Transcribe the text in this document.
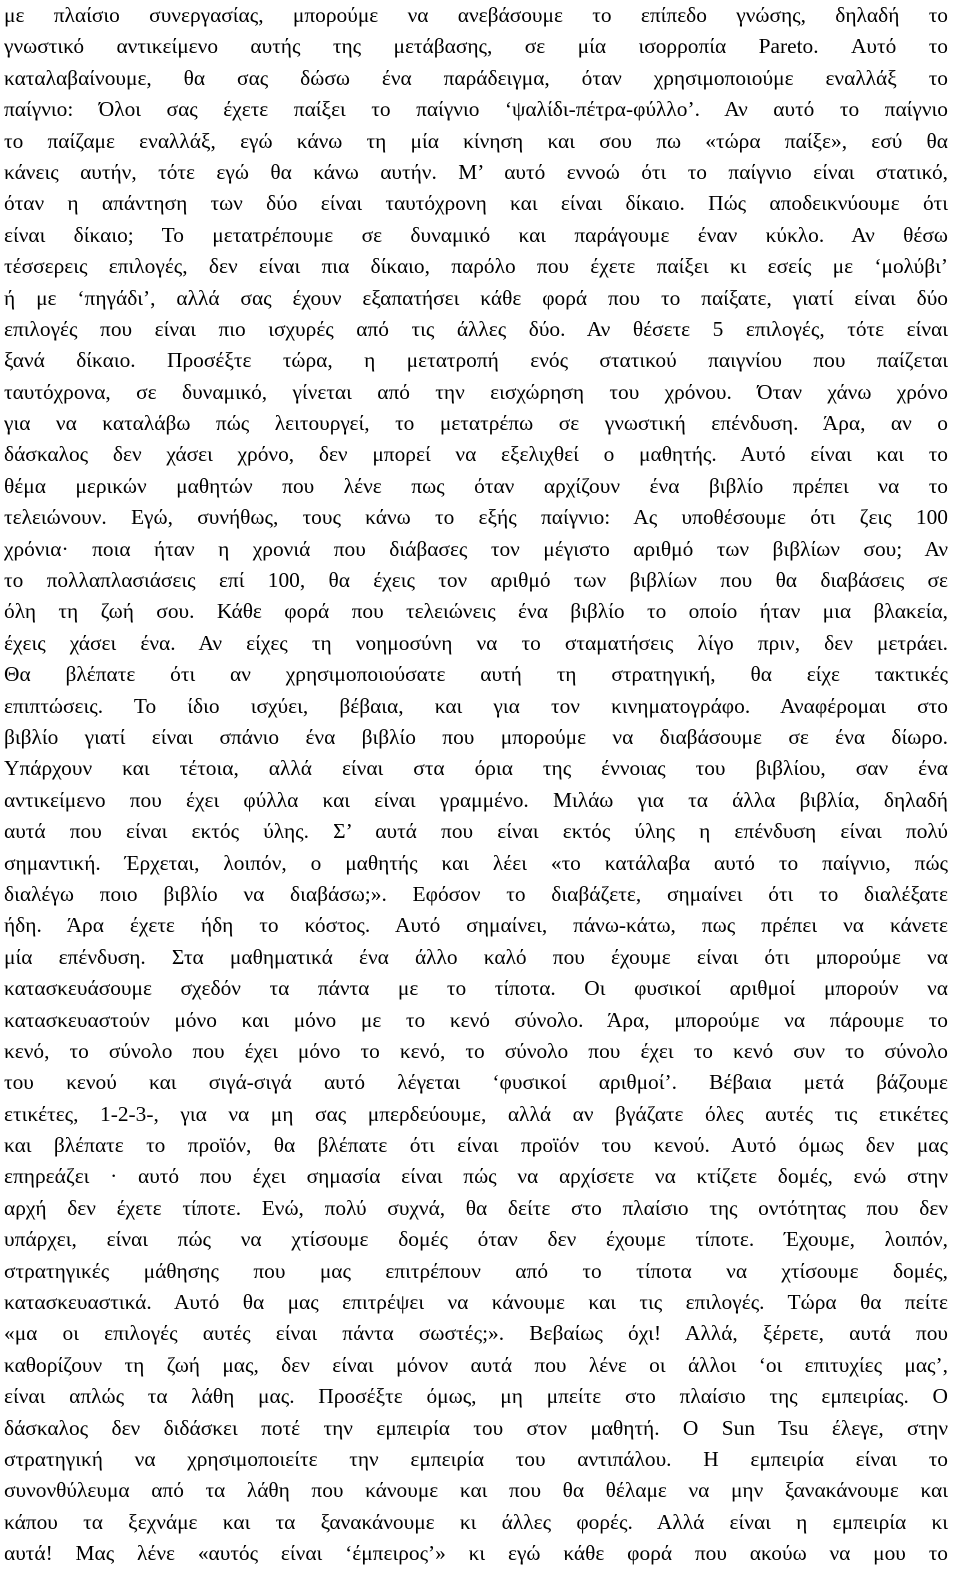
με πλαίσιο συνεργασίας, μπορούμε να ανεβάσουμε το επίπεδο γνώσης, δηλαδή το
γνωστικό αντικείμενο αυτής της μετάβασης, σε μία ισορροπία Pareto. Αυτό το
καταλαβαίνουμε, θα σας δώσω ένα παράδειγμα, όταν χρησιμοποιούμε εναλλάξ το
παίγνιο: Όλοι σας έχετε παίξει το παίγνιο ‘ψαλίδι-πέτρα-φύλλο’. Αν αυτό το παίγνιο
το παίζαμε εναλλάξ, εγώ κάνω τη μία κίνηση και σου πω «τώρα παίξε», εσύ θα
κάνεις αυτήν, τότε εγώ θα κάνω αυτήν. Μ’ αυτό εννοώ ότι το παίγνιο είναι στατικό,
όταν η απάντηση των δύο είναι ταυτόχρονη και είναι δίκαιο. Πώς αποδεικνύουμε ότι
είναι δίκαιο; Το μετατρέπουμε σε δυναμικό και παράγουμε έναν κύκλο. Αν θέσω
τέσσερεις επιλογές, δεν είναι πια δίκαιο, παρόλο που έχετε παίξει κι εσείς με ‘μολύβι’
ή με ‘πηγάδι’, αλλά σας έχουν εξαπατήσει κάθε φορά που το παίξατε, γιατί είναι δύο
επιλογές που είναι πιο ισχυρές από τις άλλες δύο. Αν θέσετε 5 επιλογές, τότε είναι
ξανά δίκαιο. Προσέξτε τώρα, η μετατροπή ενός στατικού παιγνίου που παίζεται
ταυτόχρονα, σε δυναμικό, γίνεται από την εισχώρηση του χρόνου. Όταν χάνω χρόνο
για να καταλάβω πώς λειτουργεί, το μετατρέπω σε γνωστική επένδυση. Άρα, αν ο
δάσκαλος δεν χάσει χρόνο, δεν μπορεί να εξελιχθεί ο μαθητής. Αυτό είναι και το
θέμα μερικών μαθητών που λένε πως όταν αρχίζουν ένα βιβλίο πρέπει να το
τελειώνουν. Εγώ, συνήθως, τους κάνω το εξής παίγνιο: Ας υποθέσουμε ότι ζεις 100
χρόνια· ποια ήταν η χρονιά που διάβασες τον μέγιστο αριθμό των βιβλίων σου; Αν
το πολλαπλασιάσεις επί 100, θα έχεις τον αριθμό των βιβλίων που θα διαβάσεις σε
όλη τη ζωή σου. Κάθε φορά που τελειώνεις ένα βιβλίο το οποίο ήταν μια βλακεία,
έχεις χάσει ένα. Αν είχες τη νοημοσύνη να το σταματήσεις λίγο πριν, δεν μετράει.
Θα βλέπατε ότι αν χρησιμοποιούσατε αυτή τη στρατηγική, θα είχε τακτικές
επιπτώσεις. Το ίδιο ισχύει, βέβαια, και για τον κινηματογράφο. Αναφέρομαι στο
βιβλίο γιατί είναι σπάνιο ένα βιβλίο που μπορούμε να διαβάσουμε σε ένα δίωρο.
Υπάρχουν και τέτοια, αλλά είναι στα όρια της έννοιας του βιβλίου, σαν ένα
αντικείμενο που έχει φύλλα και είναι γραμμένο. Μιλάω για τα άλλα βιβλία, δηλαδή
αυτά που είναι εκτός ύλης. Σ’ αυτά που είναι εκτός ύλης η επένδυση είναι πολύ
σημαντική. Έρχεται, λοιπόν, ο μαθητής και λέει «το κατάλαβα αυτό το παίγνιο, πώς
διαλέγω ποιο βιβλίο να διαβάσω;». Εφόσον το διαβάζετε, σημαίνει ότι το διαλέξατε
ήδη. Άρα έχετε ήδη το κόστος. Αυτό σημαίνει, πάνω-κάτω, πως πρέπει να κάνετε
μία επένδυση. Στα μαθηματικά ένα άλλο καλό που έχουμε είναι ότι μπορούμε να
κατασκευάσουμε σχεδόν τα πάντα με το τίποτα. Οι φυσικοί αριθμοί μπορούν να
κατασκευαστούν μόνο και μόνο με το κενό σύνολο. Άρα, μπορούμε να πάρουμε το
κενό, το σύνολο που έχει μόνο το κενό, το σύνολο που έχει το κενό συν το σύνολο
του κενού και σιγά-σιγά αυτό λέγεται ‘φυσικοί αριθμοί’. Βέβαια μετά βάζουμε
ετικέτες, 1-2-3-, για να μη σας μπερδεύουμε, αλλά αν βγάζατε όλες αυτές τις ετικέτες
και βλέπατε το προϊόν, θα βλέπατε ότι είναι προϊόν του κενού. Αυτό όμως δεν μας
επηρεάζει · αυτό που έχει σημασία είναι πώς να αρχίσετε να κτίζετε δομές, ενώ στην
αρχή δεν έχετε τίποτε. Ενώ, πολύ συχνά, θα δείτε στο πλαίσιο της οντότητας που δεν
υπάρχει, είναι πώς να χτίσουμε δομές όταν δεν έχουμε τίποτε. Έχουμε, λοιπόν,
στρατηγικές μάθησης που μας επιτρέπουν από το τίποτα να χτίσουμε δομές,
κατασκευαστικά. Αυτό θα μας επιτρέψει να κάνουμε και τις επιλογές. Τώρα θα πείτε
«μα οι επιλογές αυτές είναι πάντα σωστές;». Βεβαίως όχι! Αλλά, ξέρετε, αυτά που
καθορίζουν τη ζωή μας, δεν είναι μόνον αυτά που λένε οι άλλοι ‘οι επιτυχίες μας’,
είναι απλώς τα λάθη μας. Προσέξτε όμως, μη μπείτε στο πλαίσιο της εμπειρίας. Ο
δάσκαλος δεν διδάσκει ποτέ την εμπειρία του στον μαθητή. Ο Sun Tsu έλεγε, στην
στρατηγική να χρησιμοποιείτε την εμπειρία του αντιπάλου. Η εμπειρία είναι το
συνονθύλευμα από τα λάθη που κάνουμε και που θα θέλαμε να μην ξανακάνουμε και
κάπου τα ξεχνάμε και τα ξανακάνουμε κι άλλες φορές. Αλλά είναι η εμπειρία κι
αυτά! Μας λένε «αυτός είναι ‘έμπειρος’» κι εγώ κάθε φορά που ακούω να μου το
